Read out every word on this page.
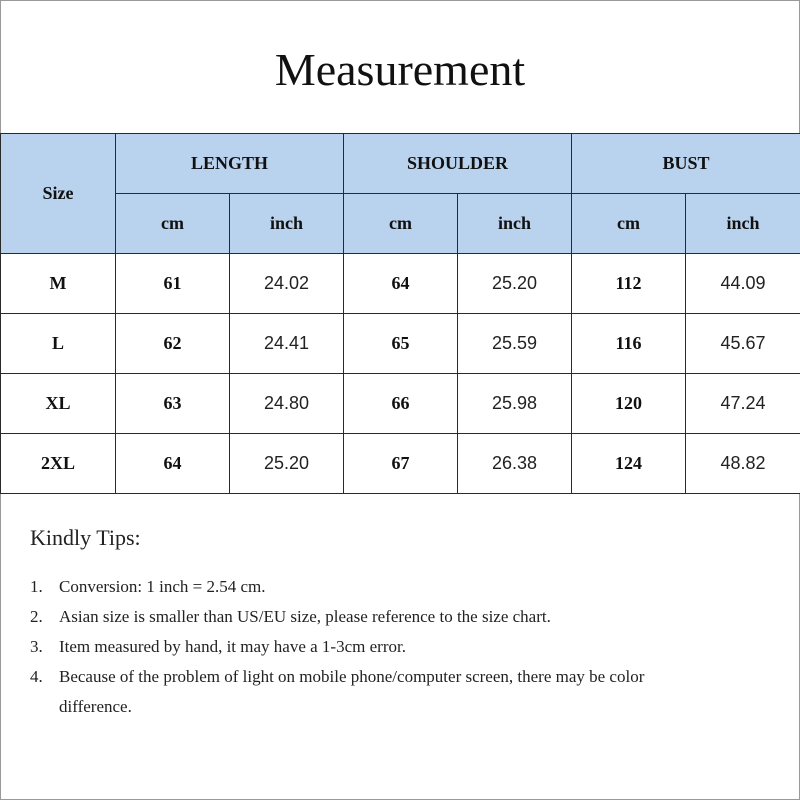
Measurement
Size	LENGTH		SHOULDER		BUST	
	cm	inch	cm	inch	cm	inch
M	61	24.02	64	25.20	112	44.09
L	62	24.41	65	25.59	116	45.67
XL	63	24.80	66	25.98	120	47.24
2XL	64	25.20	67	26.38	124	48.82
Kindly Tips:
1. Conversion: 1 inch = 2.54 cm.
2. Asian size is smaller than US/EU size, please reference to the size chart.
3. Item measured by hand, it may have a 1-3cm error.
4. Because of the problem of light on mobile phone/computer screen, there may be color difference.
